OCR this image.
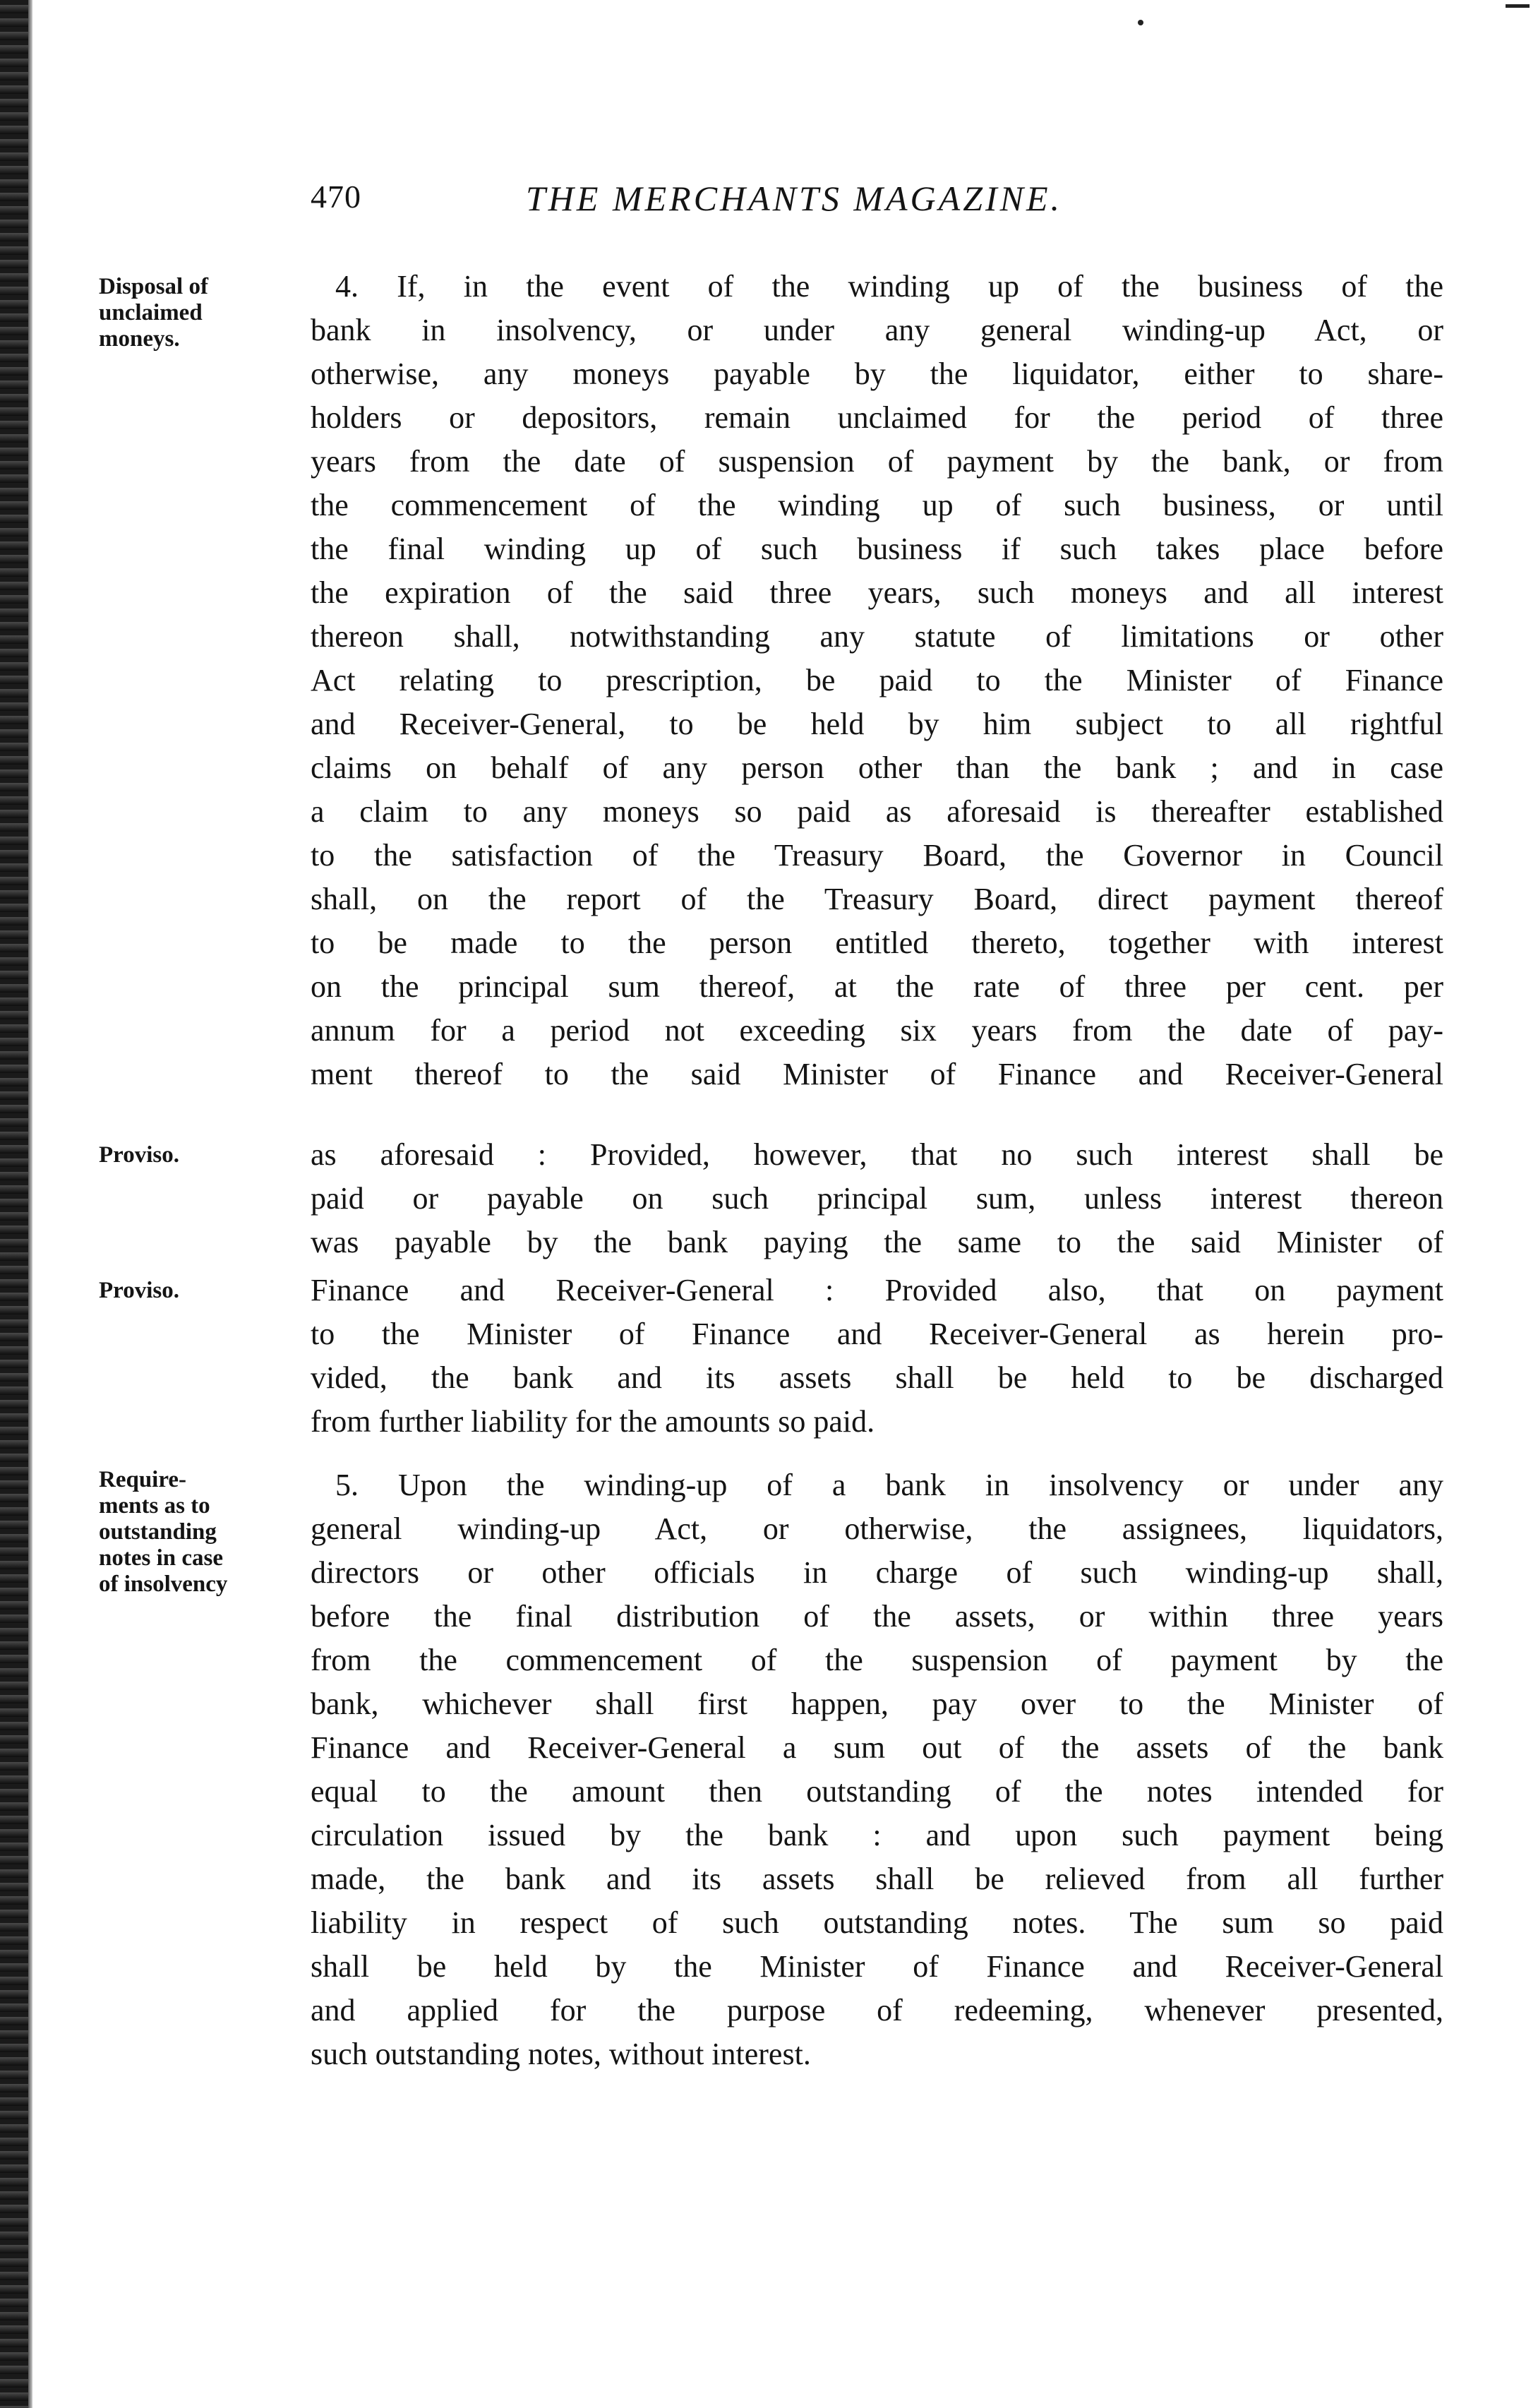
470	THE MERCHANTS MAGAZINE.
Disposal of
unclaimed
moneys.
Proviso.
Proviso.
Require-
ments as to
outstanding
notes in case
of insolvency
4. If, in the event of the winding up of the business of the
bank in insolvency, or under any general winding-up Act, or
otherwise, any moneys payable by the liquidator, either to share-
holders or depositors, remain unclaimed for the period of three
years from the date of suspension of payment by the bank, or from
the commencement of the winding up of such business, or until
the final winding up of such business if such takes place before
the expiration of the said three years, such moneys and all interest
thereon shall, notwithstanding any statute of limitations or other
Act relating to prescription, be paid to the Minister of Finance
and Receiver-General, to be held by him subject to all rightful
claims on behalf of any person other than the bank ; and in case
a claim to any moneys so paid as aforesaid is thereafter established
to the satisfaction of the Treasury Board, the Governor in Council
shall, on the report of the Treasury Board, direct payment thereof
to be made to the person entitled thereto, together with interest
on the principal sum thereof, at the rate of three per cent. per
annum for a period not exceeding six years from the date of pay-
ment thereof to the said Minister of Finance and Receiver-General
as aforesaid : Provided, however, that no such interest shall be
paid or payable on such principal sum, unless interest thereon
was payable by the bank paying the same to the said Minister of
Finance and Receiver-General : Provided also, that on payment
to the Minister of Finance and Receiver-General as herein pro-
vided, the bank and its assets shall be held to be discharged
from further liability for the amounts so paid.
5. Upon the winding-up of a bank in insolvency or under any
general winding-up Act, or otherwise, the assignees, liquidators,
directors or other officials in charge of such winding-up shall,
before the final distribution of the assets, or within three years
from the commencement of the suspension of payment by the
bank, whichever shall first happen, pay over to the Minister of
Finance and Receiver-General a sum out of the assets of the bank
equal to the amount then outstanding of the notes intended for
circulation issued by the bank : and upon such payment being
made, the bank and its assets shall be relieved from all further
liability in respect of such outstanding notes. The sum so paid
shall be held by the Minister of Finance and Receiver-General
and applied for the purpose of redeeming, whenever presented,
such outstanding notes, without interest.
